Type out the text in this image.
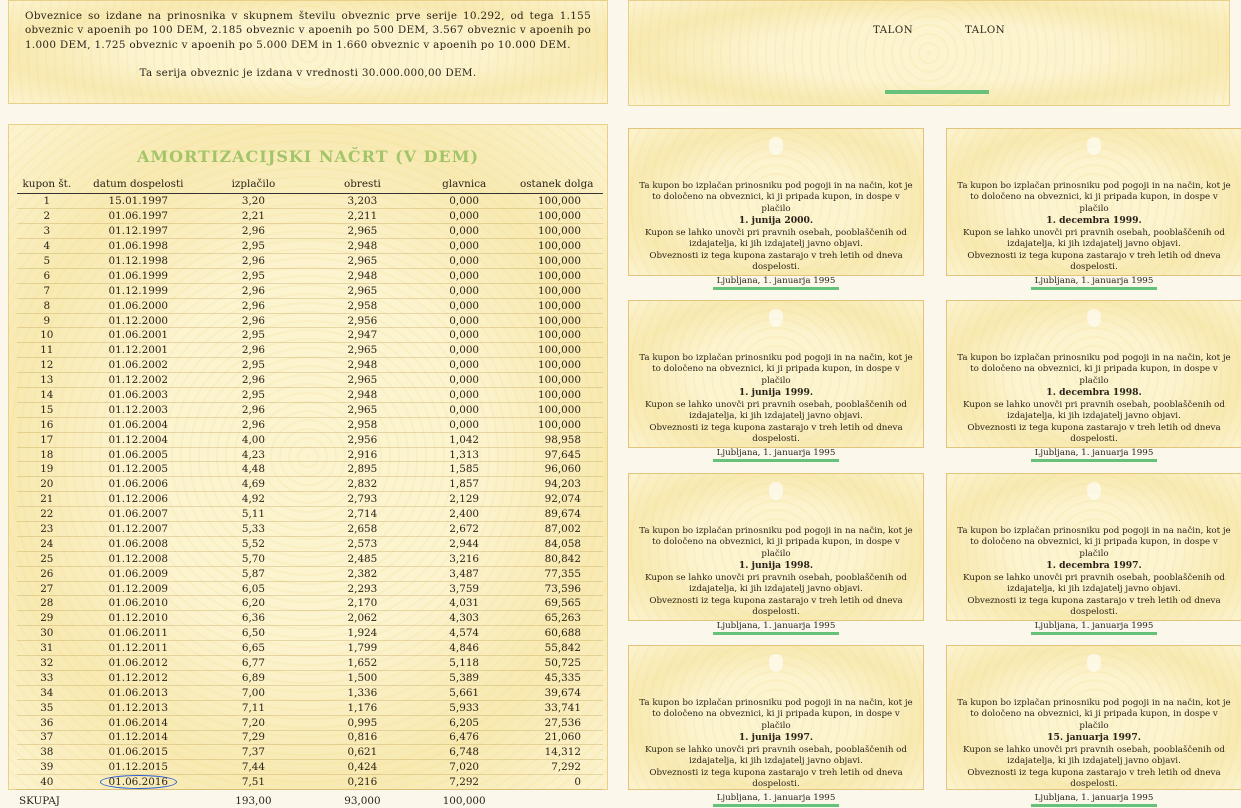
Obveznice so izdane na prinosnika v skupnem številu obveznic prve serije 10.292, od tega 1.155 obveznic v apoenih po 100 DEM, 2.185 obveznic v apoenih po 500 DEM, 3.567 obveznic v apoenih po 1.000 DEM, 1.725 obveznic v apoenih po 5.000 DEM in 1.660 obveznic v apoenih po 10.000 DEM.

Ta serija obveznic je izdana v vrednosti 30.000.000,00 DEM.

AMORTIZACIJSKI NAČRT (V DEM)
kupon št.	datum dospelosti	izplačilo	obresti	glavnica	ostanek dolga
1	15.01.1997	3,20	3,203	0,000	100,000
2	01.06.1997	2,21	2,211	0,000	100,000
3	01.12.1997	2,96	2,965	0,000	100,000
4	01.06.1998	2,95	2,948	0,000	100,000
5	01.12.1998	2,96	2,965	0,000	100,000
6	01.06.1999	2,95	2,948	0,000	100,000
7	01.12.1999	2,96	2,965	0,000	100,000
8	01.06.2000	2,96	2,958	0,000	100,000
9	01.12.2000	2,96	2,956	0,000	100,000
10	01.06.2001	2,95	2,947	0,000	100,000
11	01.12.2001	2,96	2,965	0,000	100,000
12	01.06.2002	2,95	2,948	0,000	100,000
13	01.12.2002	2,96	2,965	0,000	100,000
14	01.06.2003	2,95	2,948	0,000	100,000
15	01.12.2003	2,96	2,965	0,000	100,000
16	01.06.2004	2,96	2,958	0,000	100,000
17	01.12.2004	4,00	2,956	1,042	98,958
18	01.06.2005	4,23	2,916	1,313	97,645
19	01.12.2005	4,48	2,895	1,585	96,060
20	01.06.2006	4,69	2,832	1,857	94,203
21	01.12.2006	4,92	2,793	2,129	92,074
22	01.06.2007	5,11	2,714	2,400	89,674
23	01.12.2007	5,33	2,658	2,672	87,002
24	01.06.2008	5,52	2,573	2,944	84,058
25	01.12.2008	5,70	2,485	3,216	80,842
26	01.06.2009	5,87	2,382	3,487	77,355
27	01.12.2009	6,05	2,293	3,759	73,596
28	01.06.2010	6,20	2,170	4,031	69,565
29	01.12.2010	6,36	2,062	4,303	65,263
30	01.06.2011	6,50	1,924	4,574	60,688
31	01.12.2011	6,65	1,799	4,846	55,842
32	01.06.2012	6,77	1,652	5,118	50,725
33	01.12.2012	6,89	1,500	5,389	45,335
34	01.06.2013	7,00	1,336	5,661	39,674
35	01.12.2013	7,11	1,176	5,933	33,741
36	01.06.2014	7,20	0,995	6,205	27,536
37	01.12.2014	7,29	0,816	6,476	21,060
38	01.06.2015	7,37	0,621	6,748	14,312
39	01.12.2015	7,44	0,424	7,020	7,292
40	01.06.2016	7,51	0,216	7,292	0
SKUPAJ		193,00	93,000	100,000	
TALON	TALON
Ta kupon bo izplačan prinosniku pod pogoji in na način, kot je to določeno na obveznici, ki ji pripada kupon, in dospe v plačilo
1. junija 2000.
Kupon se lahko unovči pri pravnih osebah, pooblaščenih od izdajatelja, ki jih izdajatelj javno objavi.
Obveznosti iz tega kupona zastarajo v treh letih od dneva dospelosti.
Ljubljana, 1. januarja 1995
Ta kupon bo izplačan prinosniku pod pogoji in na način, kot je to določeno na obveznici, ki ji pripada kupon, in dospe v plačilo
1. decembra 1999.
Kupon se lahko unovči pri pravnih osebah, pooblaščenih od izdajatelja, ki jih izdajatelj javno objavi.
Obveznosti iz tega kupona zastarajo v treh letih od dneva dospelosti.
Ljubljana, 1. januarja 1995
Ta kupon bo izplačan prinosniku pod pogoji in na način, kot je to določeno na obveznici, ki ji pripada kupon, in dospe v plačilo
1. junija 1999.
Kupon se lahko unovči pri pravnih osebah, pooblaščenih od izdajatelja, ki jih izdajatelj javno objavi.
Obveznosti iz tega kupona zastarajo v treh letih od dneva dospelosti.
Ljubljana, 1. januarja 1995
Ta kupon bo izplačan prinosniku pod pogoji in na način, kot je to določeno na obveznici, ki ji pripada kupon, in dospe v plačilo
1. decembra 1998.
Kupon se lahko unovči pri pravnih osebah, pooblaščenih od izdajatelja, ki jih izdajatelj javno objavi.
Obveznosti iz tega kupona zastarajo v treh letih od dneva dospelosti.
Ljubljana, 1. januarja 1995
Ta kupon bo izplačan prinosniku pod pogoji in na način, kot je to določeno na obveznici, ki ji pripada kupon, in dospe v plačilo
1. junija 1998.
Kupon se lahko unovči pri pravnih osebah, pooblaščenih od izdajatelja, ki jih izdajatelj javno objavi.
Obveznosti iz tega kupona zastarajo v treh letih od dneva dospelosti.
Ljubljana, 1. januarja 1995
Ta kupon bo izplačan prinosniku pod pogoji in na način, kot je to določeno na obveznici, ki ji pripada kupon, in dospe v plačilo
1. decembra 1997.
Kupon se lahko unovči pri pravnih osebah, pooblaščenih od izdajatelja, ki jih izdajatelj javno objavi.
Obveznosti iz tega kupona zastarajo v treh letih od dneva dospelosti.
Ljubljana, 1. januarja 1995
Ta kupon bo izplačan prinosniku pod pogoji in na način, kot je to določeno na obveznici, ki ji pripada kupon, in dospe v plačilo
1. junija 1997.
Kupon se lahko unovči pri pravnih osebah, pooblaščenih od izdajatelja, ki jih izdajatelj javno objavi.
Obveznosti iz tega kupona zastarajo v treh letih od dneva dospelosti.
Ljubljana, 1. januarja 1995
Ta kupon bo izplačan prinosniku pod pogoji in na način, kot je to določeno na obveznici, ki ji pripada kupon, in dospe v plačilo
15. januarja 1997.
Kupon se lahko unovči pri pravnih osebah, pooblaščenih od izdajatelja, ki jih izdajatelj javno objavi.
Obveznosti iz tega kupona zastarajo v treh letih od dneva dospelosti.
Ljubljana, 1. januarja 1995
